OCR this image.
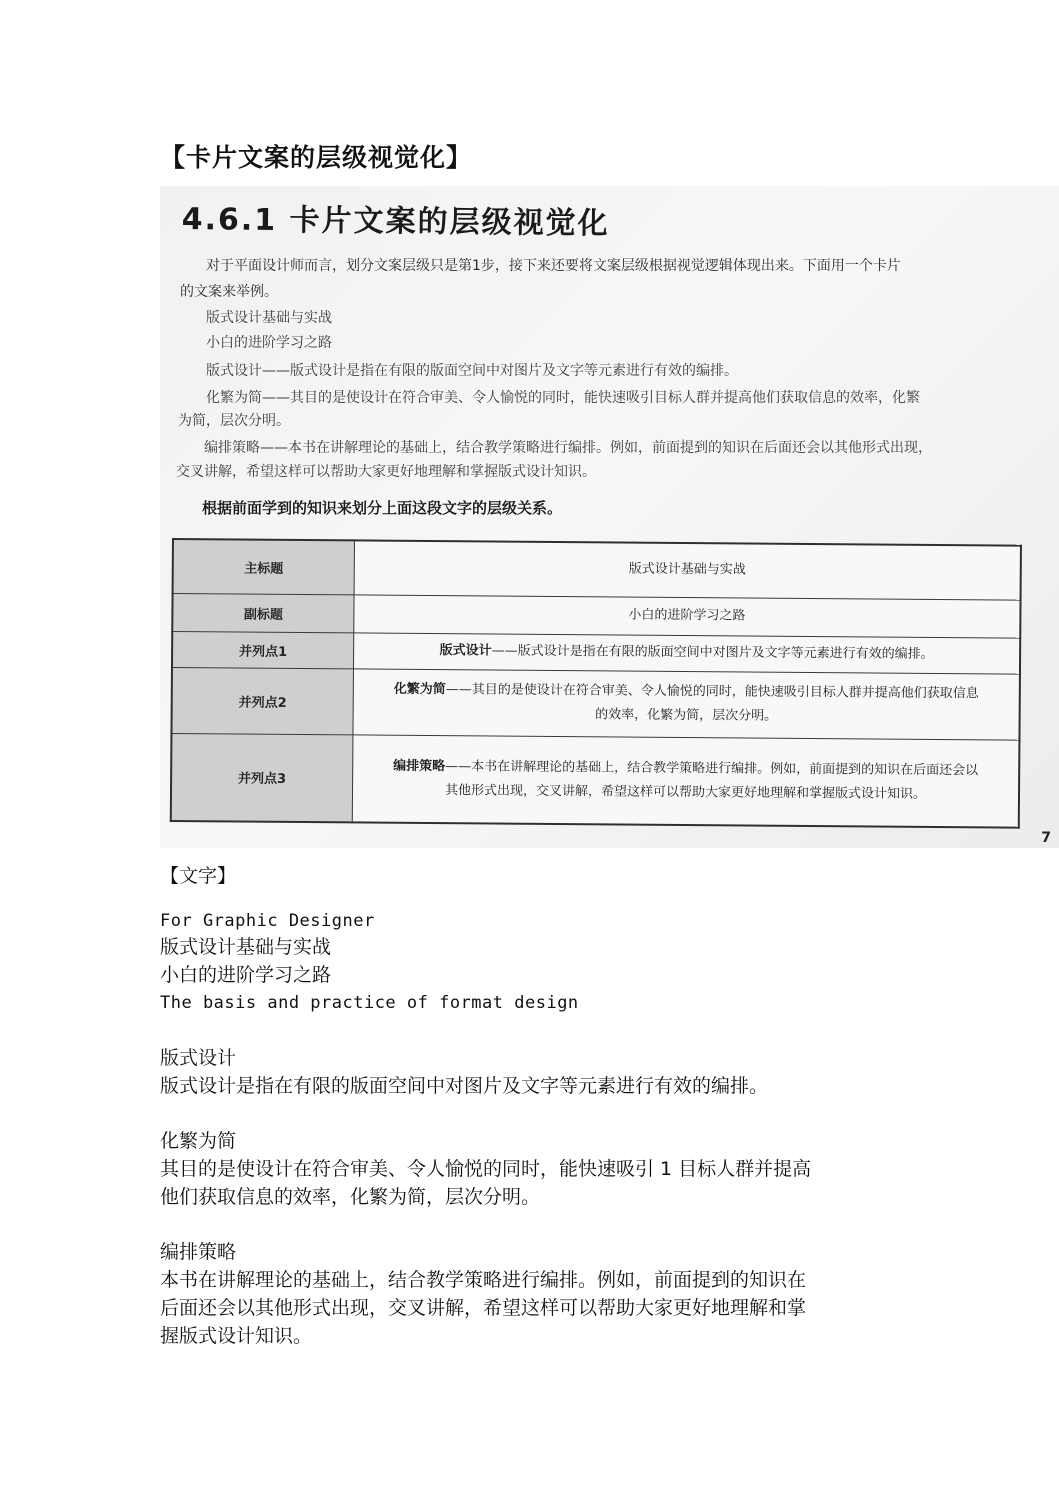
【卡片文案的层级视觉化】
4.6.1 卡片文案的层级视觉化
对于平面设计师而言，划分文案层级只是第1步，接下来还要将文案层级根据视觉逻辑体现出来。下面用一个卡片
的文案来举例。
版式设计基础与实战
小白的进阶学习之路
版式设计——版式设计是指在有限的版面空间中对图片及文字等元素进行有效的编排。
化繁为简——其目的是使设计在符合审美、令人愉悦的同时，能快速吸引目标人群并提高他们获取信息的效率，化繁
为简，层次分明。
编排策略——本书在讲解理论的基础上，结合教学策略进行编排。例如，前面提到的知识在后面还会以其他形式出现，
交叉讲解，希望这样可以帮助大家更好地理解和掌握版式设计知识。
根据前面学到的知识来划分上面这段文字的层级关系。
主标题	版式设计基础与实战
副标题	小白的进阶学习之路
并列点1	版式设计——版式设计是指在有限的版面空间中对图片及文字等元素进行有效的编排。
并列点2	化繁为简——其目的是使设计在符合审美、令人愉悦的同时，能快速吸引目标人群并提高他们获取信息
的效率，化繁为简，层次分明。
并列点3	编排策略——本书在讲解理论的基础上，结合教学策略进行编排。例如，前面提到的知识在后面还会以
其他形式出现，交叉讲解，希望这样可以帮助大家更好地理解和掌握版式设计知识。
7
【文字】
For Graphic Designer
版式设计基础与实战
小白的进阶学习之路
The basis and practice of format design
版式设计
版式设计是指在有限的版面空间中对图片及文字等元素进行有效的编排。
化繁为简
其目的是使设计在符合审美、令人愉悦的同时，能快速吸引 1 目标人群并提高
他们获取信息的效率，化繁为简，层次分明。
编排策略
本书在讲解理论的基础上，结合教学策略进行编排。例如，前面提到的知识在
后面还会以其他形式出现，交叉讲解，希望这样可以帮助大家更好地理解和掌
握版式设计知识。
